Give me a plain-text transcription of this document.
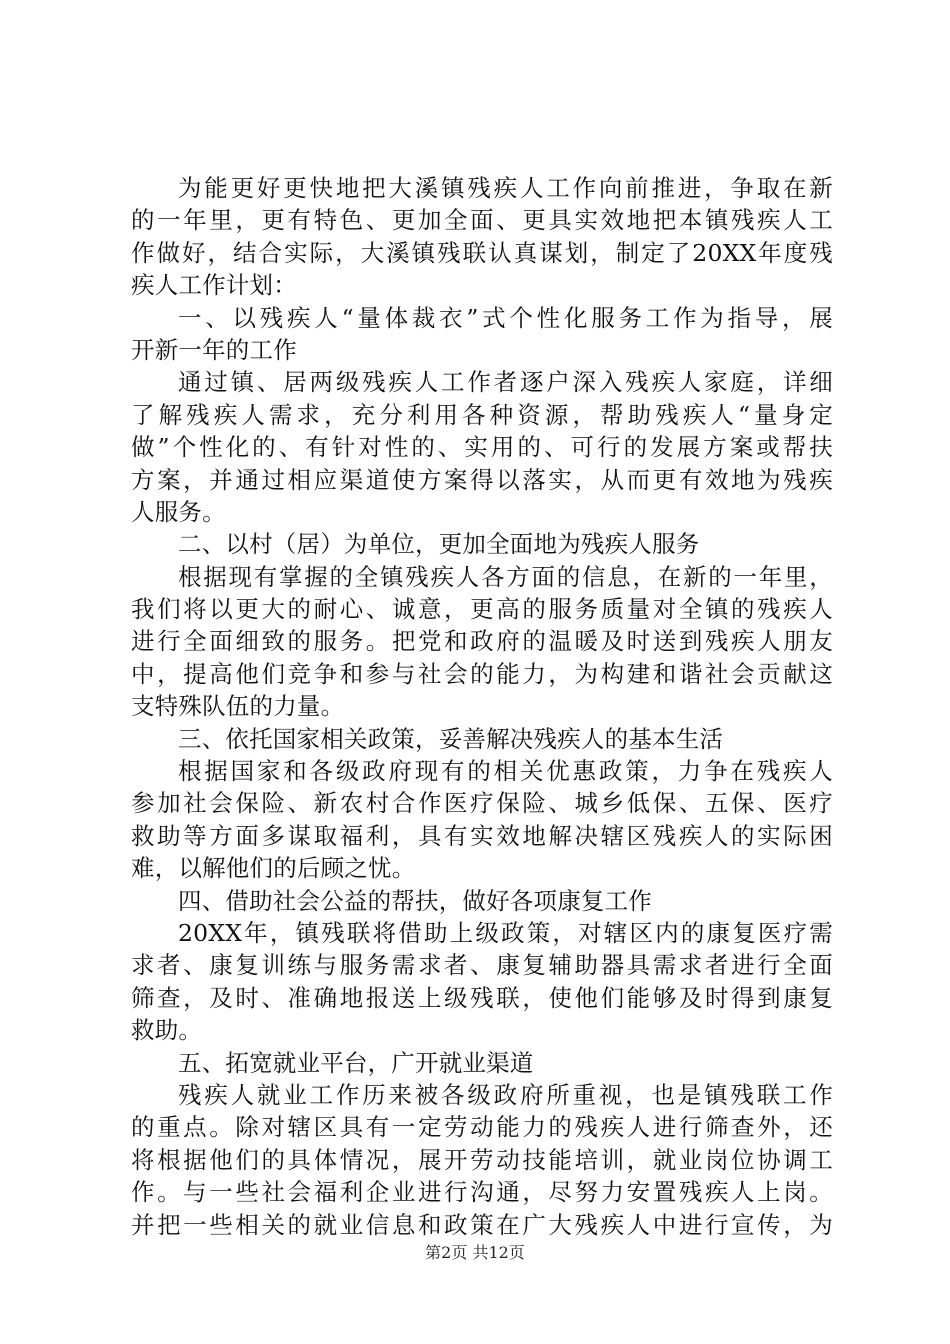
为能更好更快地把大溪镇残疾人工作向前推进，争取在新
的一年里，更有特色、更加全面、更具实效地把本镇残疾人工
作做好，结合实际，大溪镇残联认真谋划，制定了20XX年度残
疾人工作计划：
一、以残疾人“量体裁衣”式个性化服务工作为指导，展
开新一年的工作
通过镇、居两级残疾人工作者逐户深入残疾人家庭，详细
了解残疾人需求，充分利用各种资源，帮助残疾人“量身定
做”个性化的、有针对性的、实用的、可行的发展方案或帮扶
方案，并通过相应渠道使方案得以落实，从而更有效地为残疾
人服务。
二、以村（居）为单位，更加全面地为残疾人服务
根据现有掌握的全镇残疾人各方面的信息，在新的一年里，
我们将以更大的耐心、诚意，更高的服务质量对全镇的残疾人
进行全面细致的服务。把党和政府的温暖及时送到残疾人朋友
中，提高他们竞争和参与社会的能力，为构建和谐社会贡献这
支特殊队伍的力量。
三、依托国家相关政策，妥善解决残疾人的基本生活
根据国家和各级政府现有的相关优惠政策，力争在残疾人
参加社会保险、新农村合作医疗保险、城乡低保、五保、医疗
救助等方面多谋取福利，具有实效地解决辖区残疾人的实际困
难，以解他们的后顾之忧。
四、借助社会公益的帮扶，做好各项康复工作
20XX年，镇残联将借助上级政策，对辖区内的康复医疗需
求者、康复训练与服务需求者、康复辅助器具需求者进行全面
筛查，及时、准确地报送上级残联，使他们能够及时得到康复
救助。
五、拓宽就业平台，广开就业渠道
残疾人就业工作历来被各级政府所重视，也是镇残联工作
的重点。除对辖区具有一定劳动能力的残疾人进行筛查外，还
将根据他们的具体情况，展开劳动技能培训，就业岗位协调工
作。与一些社会福利企业进行沟通，尽努力安置残疾人上岗。
并把一些相关的就业信息和政策在广大残疾人中进行宣传，为
第2页 共12页
